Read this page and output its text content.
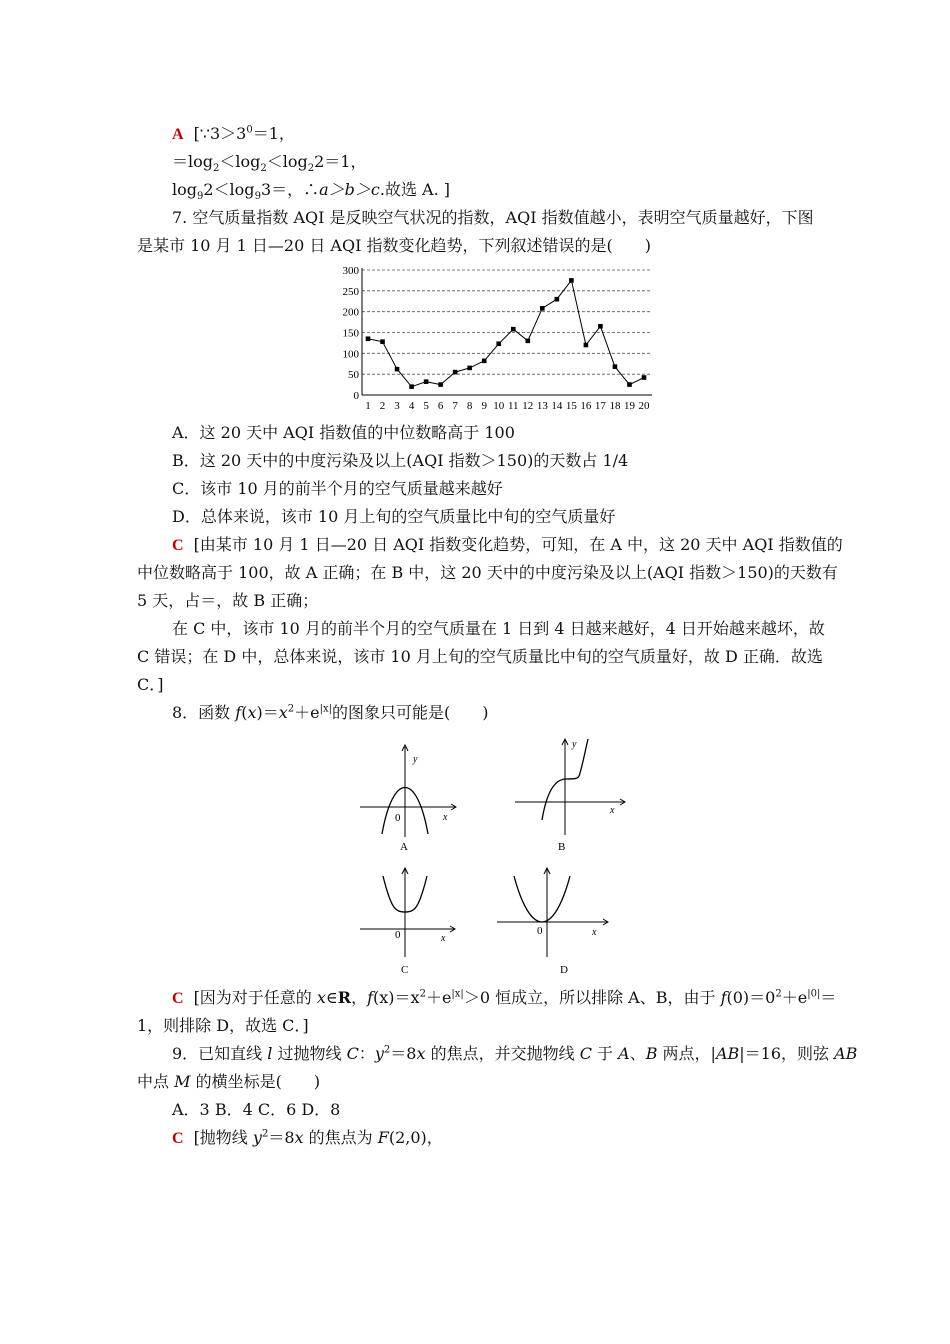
A [$\because 3>3^0=1$，
$=\log_2<\log_2<\log_22=1$，
$\log_92<\log_93=$，∴a＞b＞c.故选 A. ]
7. 空气质量指数 AQI 是反映空气状况的指数，AQI 指数值越小，表明空气质量越好，下图
是某市 10 月 1 日—20 日 AQI 指数变化趋势，下列叙述错误的是(　　)
0
50
100
150
200
250
300
1 2 3 4 5 6 7 8 9 10 11 12 13 14 15 16 17 18 19 20
A．这 20 天中 AQI 指数值的中位数略高于 100
B．这 20 天中的中度污染及以上(AQI 指数＞150)的天数占 1/4
C．该市 10 月的前半个月的空气质量越来越好
D．总体来说，该市 10 月上旬的空气质量比中旬的空气质量好
C [由某市 10 月 1 日—20 日 AQI 指数变化趋势，可知，在 A 中，这 20 天中 AQI 指数值的
中位数略高于 100，故 A 正确；在 B 中，这 20 天中的中度污染及以上(AQI 指数＞150)的天数有
5 天，占＝，故 B 正确；
在 C 中，该市 10 月的前半个月的空气质量在 1 日到 4 日越来越好，4 日开始越来越坏，故
C 错误；在 D 中，总体来说，该市 10 月上旬的空气质量比中旬的空气质量好，故 D 正确．故选
C．]
8．函数 $f(x)=x^2+e^{|x|}$的图象只可能是(　　)
y
x
0
A
y
x
B
0	x
C
0	x
D
C [因为对于任意的 x∈R，$f(x)=x^2+e^{|x|}>0$ 恒成立，所以排除 A、B，由于 $f(0)=0^2+e^{|0|}=$
1，则排除 D，故选 C．]
9．已知直线 l 过抛物线 C：$y^2=8x$ 的焦点，并交抛物线 C 于 A、B 两点，|AB|＝16，则弦 AB
中点 M 的横坐标是(　　)
A．3 B．4 C．6 D．8
C [抛物线 $y^2=8x$ 的焦点为 F(2,0)，
